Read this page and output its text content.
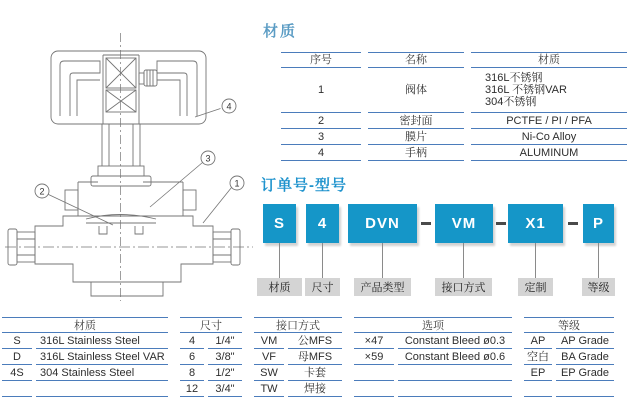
4
3
1
2
材质
序号
1
2
3
4
名称
阀体
密封面
膜片
手柄
材质
316L不锈钢
316L 不锈钢VAR
304不锈钢
PCTFE / PI / PFA
Ni-Co Alloy
ALUMINUM
订单号-型号
S	4	DVN	VM	X1	P
材质	尺寸	产品类型	接口方式	定制	等级
材质
S
D
4S
316L Stainless Steel
316L Stainless Steel VAR
304 Stainless Steel
尺寸
4
6
8
12
1/4"
3/8"
1/2"
3/4"
接口方式
VM
VF
SW
TW
公MFS
母MFS
卡套
焊接
选项
×47
×59
Constant Bleed ø0.3
Constant Bleed ø0.6
等级
AP
空白
EP
AP Grade
BA Grade
EP Grade
